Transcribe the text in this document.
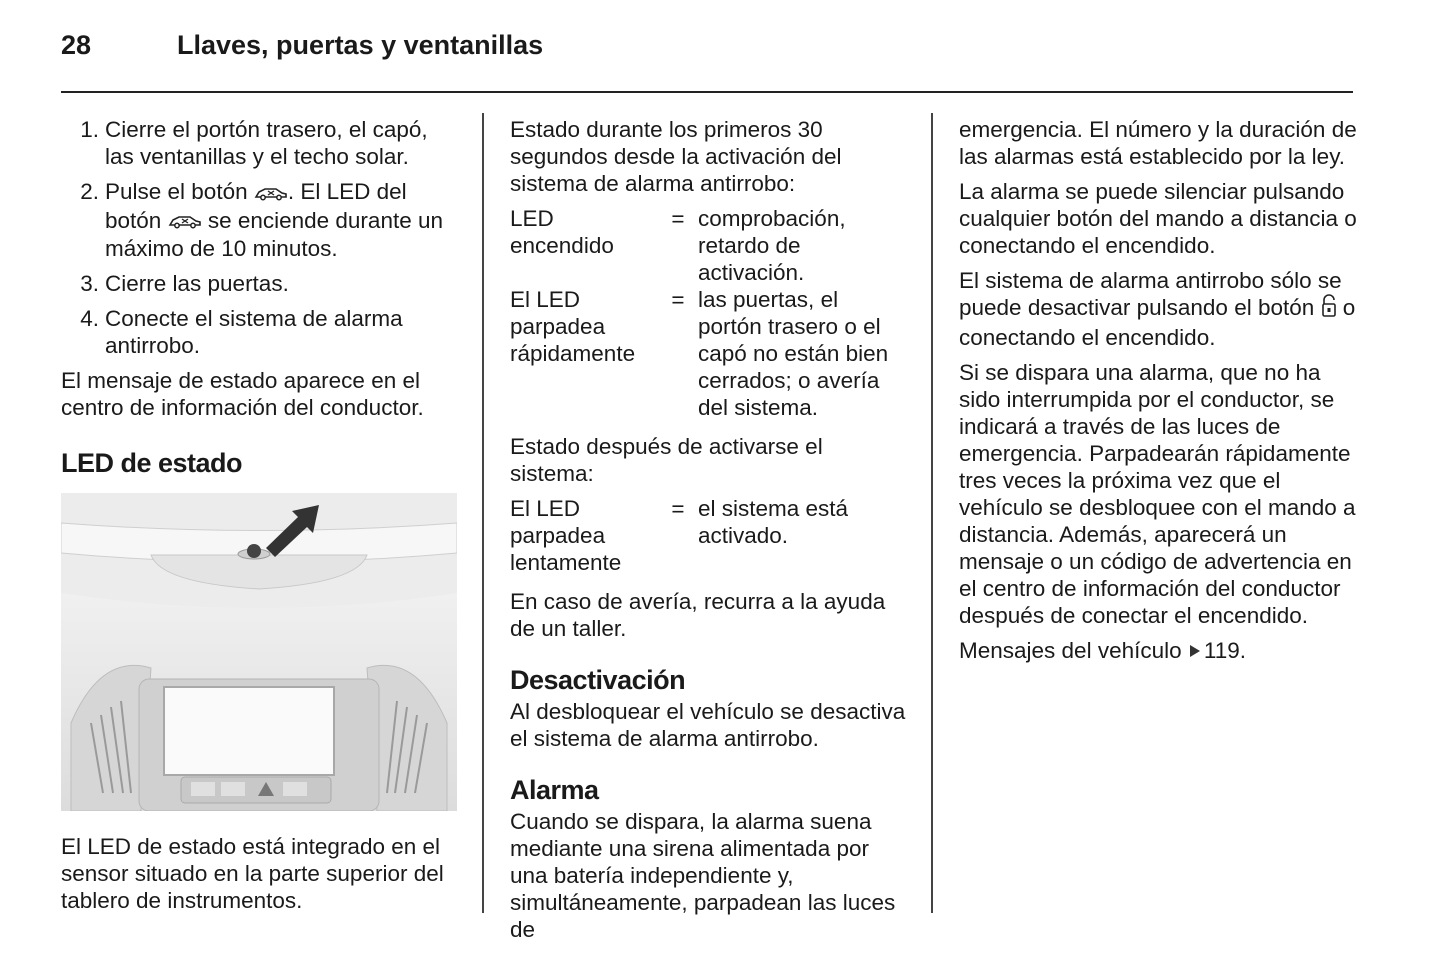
28	Llaves, puertas y ventanillas
1. Cierre el portón trasero, el capó, las ventanillas y el techo solar.
2. Pulse el botón . El LED del botón  se enciende durante un máximo de 10 minutos.
3. Cierre las puertas.
4. Conecte el sistema de alarma antirrobo.

El mensaje de estado aparece en el centro de información del conductor.

LED de estado

El LED de estado está integrado en el sensor situado en la parte superior del tablero de instrumentos.

Estado durante los primeros 30 segundos desde la activación del sistema de alarma antirrobo:

LED encendido
= comprobación, retardo de activación.
El LED parpadea rápidamente
= las puertas, el portón trasero o el capó no están bien cerrados; o avería del sistema.

Estado después de activarse el sistema:

El LED parpadea lentamente
= el sistema está activado.

En caso de avería, recurra a la ayuda de un taller.

Desactivación

Al desbloquear el vehículo se desactiva el sistema de alarma antirrobo.

Alarma

Cuando se dispara, la alarma suena mediante una sirena alimentada por una batería independiente y, simultáneamente, parpadean las luces de

emergencia. El número y la duración de las alarmas está establecido por la ley.

La alarma se puede silenciar pulsando cualquier botón del mando a distancia o conectando el encendido.

El sistema de alarma antirrobo sólo se puede desactivar pulsando el botón  o conectando el encendido.

Si se dispara una alarma, que no ha sido interrumpida por el conductor, se indicará a través de las luces de emergencia. Parpadearán rápidamente tres veces la próxima vez que el vehículo se desbloquee con el mando a distancia. Además, aparecerá un mensaje o un código de advertencia en el centro de información del conductor después de conectar el encendido.

Mensajes del vehículo 119.
